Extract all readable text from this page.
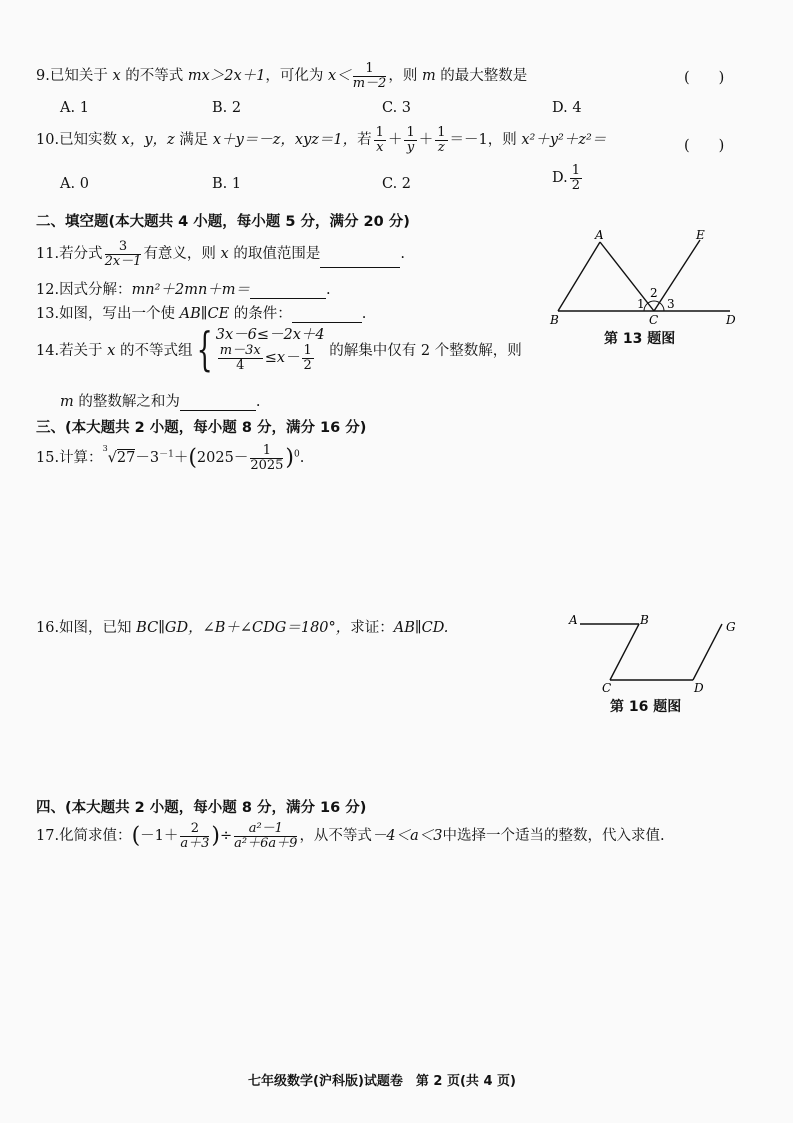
9.已知关于 x 的不等式 mx＞2x＋1，可化为 $x< \frac{1}{m-2}$ ，则 m 的最大整数是	(　　)
A. 1	B. 2	C. 3	D. 4
10.已知实数 x，y，z 满足 x＋y＝－z，xyz＝1，若 $\frac{1}{x} + \frac{1}{y} + \frac{1}{z} =-1$，则 x²＋y²＋z²＝	(　　)
A. 0	B. 1	C. 2	D. $\frac{1}{2}$
二、填空题(本大题共 4 小题，每小题 5 分，满分 20 分)
11.若分式 $\frac{3}{2x-1}$ 有意义，则 x 的取值范围是	.
12.因式分解：mn²＋2mn＋m＝	.
13.如图，写出一个使 AB∥CE 的条件：	.
14.若关于 x 的不等式组{ 3x－6≤－2x＋4
$\frac{m-3x}{4} \le x- \frac{1}{2}$ 的解集中仅有 2 个整数解，则
m 的整数解之和为	.
A
B	C	D
E
1
2
3
第 13 题图
三、(本大题共 2 小题，每小题 8 分，满分 16 分)
15.计算：$^3√27-3^{-1}+(2025- \frac{1}{2025} )^0$.
16.如图，已知 BC∥GD，∠B＋∠CDG＝180°，求证：AB∥CD.	A	B
C	D
G
第 16 题图
四、(本大题共 2 小题，每小题 8 分，满分 16 分)
17.化简求值：($-1+ \frac{2}{a+3}$ )÷ $\frac{\text{a²－1}}{\text{a²＋6a＋9}}$ ，从不等式－4＜a＜3中选择一个适当的整数，代入求值.
七年级数学(沪科版)试题卷　第 2 页(共 4 页)
